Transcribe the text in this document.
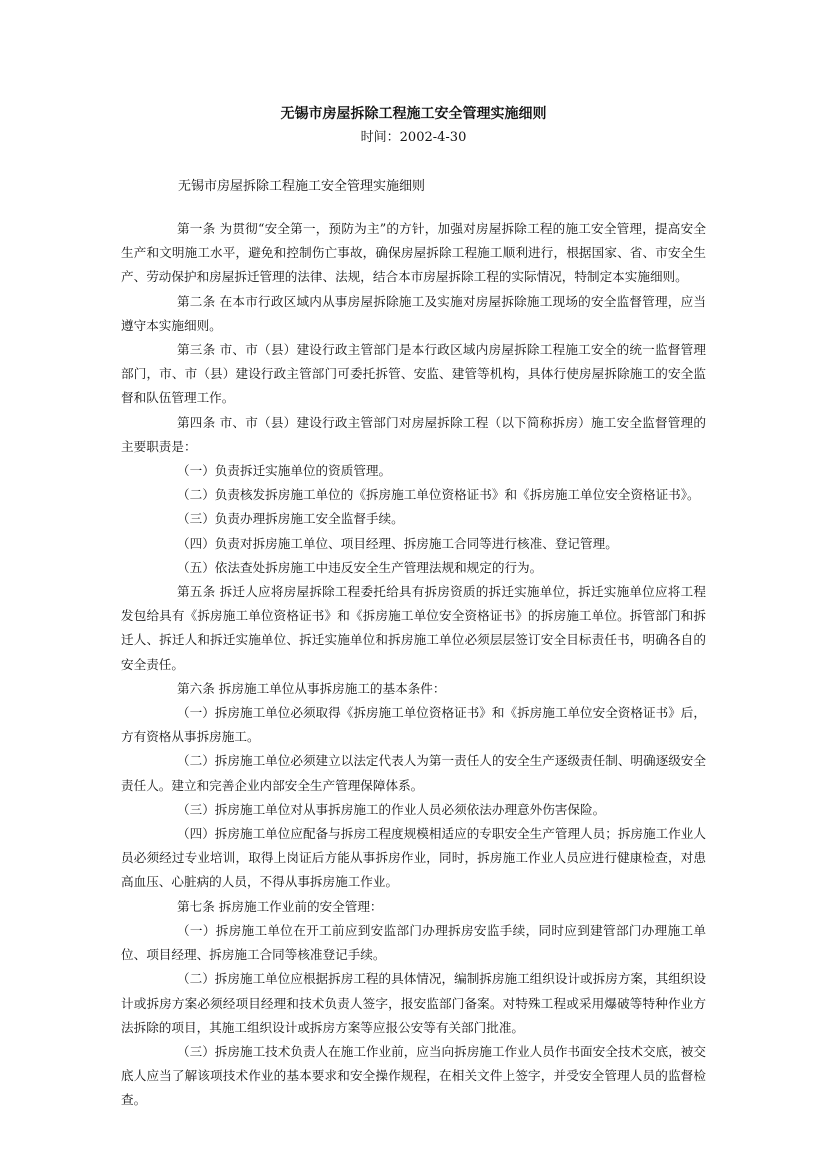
无锡市房屋拆除工程施工安全管理实施细则
时间：2002-4-30
无锡市房屋拆除工程施工安全管理实施细则

第一条 为贯彻“安全第一，预防为主”的方针，加强对房屋拆除工程的施工安全管理，提高安全生产和文明施工水平，避免和控制伤亡事故，确保房屋拆除工程施工顺利进行，根据国家、省、市安全生产、劳动保护和房屋拆迁管理的法律、法规，结合本市房屋拆除工程的实际情况，特制定本实施细则。

第二条 在本市行政区域内从事房屋拆除施工及实施对房屋拆除施工现场的安全监督管理，应当遵守本实施细则。

第三条 市、市（县）建设行政主管部门是本行政区域内房屋拆除工程施工安全的统一监督管理部门，市、市（县）建设行政主管部门可委托拆管、安监、建管等机构，具体行使房屋拆除施工的安全监督和队伍管理工作。

第四条 市、市（县）建设行政主管部门对房屋拆除工程（以下简称拆房）施工安全监督管理的主要职责是：

（一）负责拆迁实施单位的资质管理。

（二）负责核发拆房施工单位的《拆房施工单位资格证书》和《拆房施工单位安全资格证书》。

（三）负责办理拆房施工安全监督手续。

（四）负责对拆房施工单位、项目经理、拆房施工合同等进行核准、登记管理。

（五）依法查处拆房施工中违反安全生产管理法规和规定的行为。

第五条 拆迁人应将房屋拆除工程委托给具有拆房资质的拆迁实施单位，拆迁实施单位应将工程发包给具有《拆房施工单位资格证书》和《拆房施工单位安全资格证书》的拆房施工单位。拆管部门和拆迁人、拆迁人和拆迁实施单位、拆迁实施单位和拆房施工单位必须层层签订安全目标责任书，明确各自的安全责任。

第六条 拆房施工单位从事拆房施工的基本条件：

（一）拆房施工单位必须取得《拆房施工单位资格证书》和《拆房施工单位安全资格证书》后，方有资格从事拆房施工。

（二）拆房施工单位必须建立以法定代表人为第一责任人的安全生产逐级责任制、明确逐级安全责任人。建立和完善企业内部安全生产管理保障体系。

（三）拆房施工单位对从事拆房施工的作业人员必须依法办理意外伤害保险。

（四）拆房施工单位应配备与拆房工程度规模相适应的专职安全生产管理人员；拆房施工作业人员必须经过专业培训，取得上岗证后方能从事拆房作业，同时，拆房施工作业人员应进行健康检查，对患高血压、心脏病的人员，不得从事拆房施工作业。

第七条 拆房施工作业前的安全管理：

（一）拆房施工单位在开工前应到安监部门办理拆房安监手续，同时应到建管部门办理施工单位、项目经理、拆房施工合同等核准登记手续。

（二）拆房施工单位应根据拆房工程的具体情况，编制拆房施工组织设计或拆房方案，其组织设计或拆房方案必须经项目经理和技术负责人签字，报安监部门备案。对特殊工程或采用爆破等特种作业方法拆除的项目，其施工组织设计或拆房方案等应报公安等有关部门批准。

（三）拆房施工技术负责人在施工作业前，应当向拆房施工作业人员作书面安全技术交底，被交底人应当了解该项技术作业的基本要求和安全操作规程，在相关文件上签字，并受安全管理人员的监督检查。
